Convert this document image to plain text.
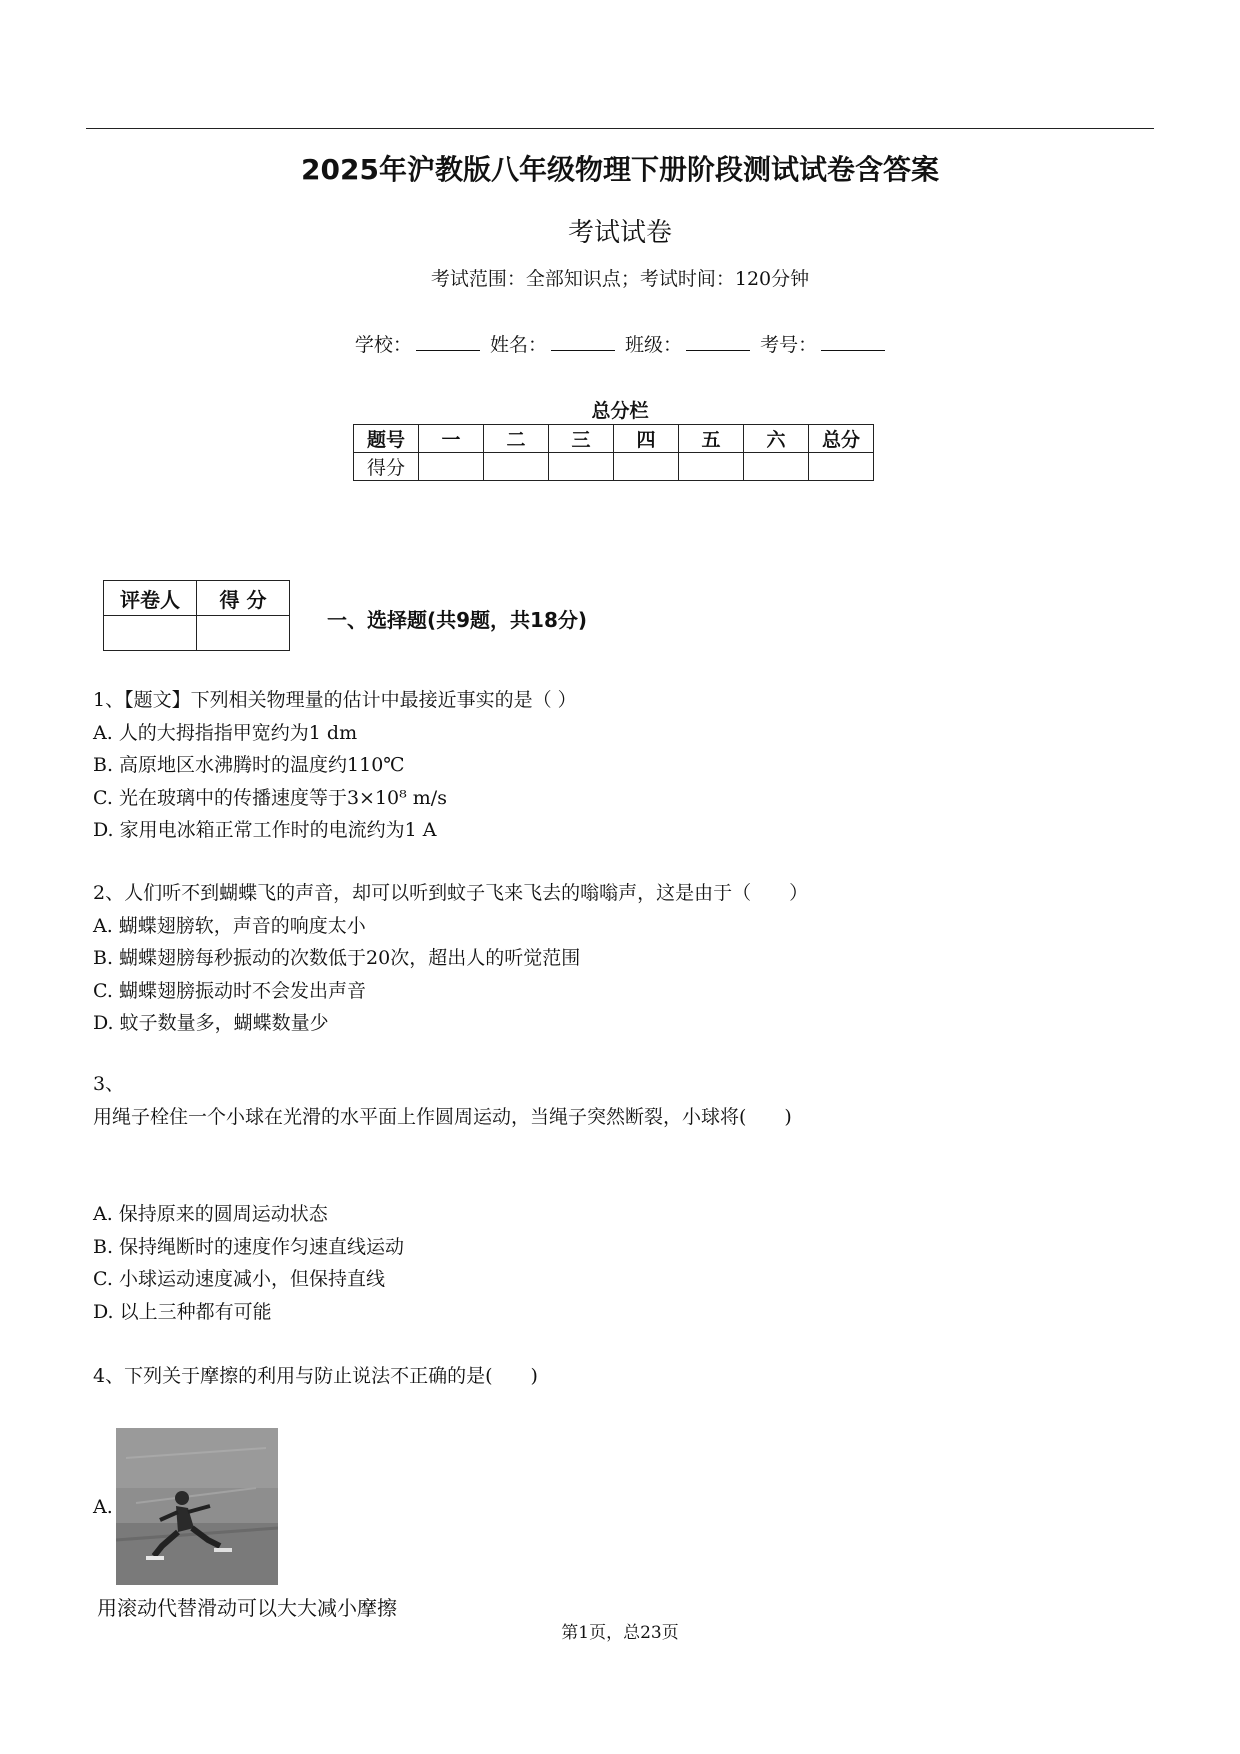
2025年沪教版八年级物理下册阶段测试试卷含答案
考试试卷
考试范围：全部知识点；考试时间：120分钟
学校：	姓名：	班级：	考号：
总分栏
题号	一	二	三	四	五	六	总分
得分							
评卷人	得 分

一、选择题(共9题，共18分)
1、【题文】下列相关物理量的估计中最接近事实的是（ ）
A. 人的大拇指指甲宽约为1 dm
B. 高原地区水沸腾时的温度约110℃
C. 光在玻璃中的传播速度等于3×10⁸ m/s
D. 家用电冰箱正常工作时的电流约为1 A
2、人们听不到蝴蝶飞的声音，却可以听到蚊子飞来飞去的嗡嗡声，这是由于（　　）
A. 蝴蝶翅膀软，声音的响度太小
B. 蝴蝶翅膀每秒振动的次数低于20次，超出人的听觉范围
C. 蝴蝶翅膀振动时不会发出声音
D. 蚊子数量多，蝴蝶数量少
3、
用绳子栓住一个小球在光滑的水平面上作圆周运动，当绳子突然断裂，小球将(　　)
A. 保持原来的圆周运动状态
B. 保持绳断时的速度作匀速直线运动
C. 小球运动速度减小，但保持直线
D. 以上三种都有可能
4、下列关于摩擦的利用与防止说法不正确的是(　　)
A.
用滚动代替滑动可以大大减小摩擦
第1页，总23页
